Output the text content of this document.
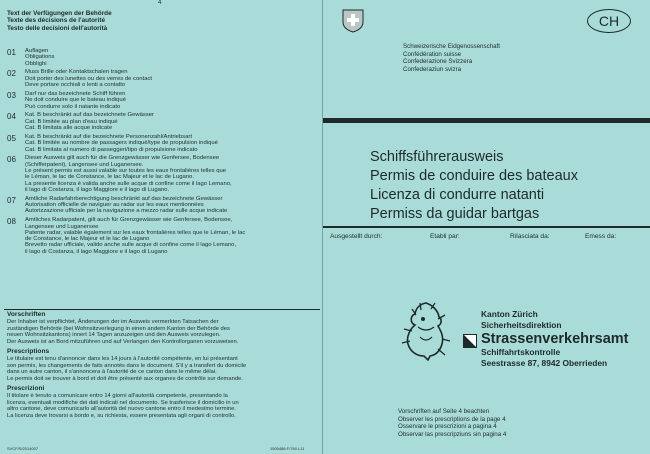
4
Text der Verfügungen der Behörde
Texte des décisions de l'autorité
Testo delle decisioni dell'autorità
01 Auflagen
Obligations
Obblighi
02 Muss Brille oder Kontaktschalen tragen
Doit porter des lunettes ou des verres de contact
Deve portare occhiali o lenti a contatto
03 Darf nur das bezeichnete Schiff führen
Ne doit conduire que le bateau indiqué
Può condurre solo il natante indicato
04 Kat. B beschränkt auf das bezeichnete Gewässer
Cat. B limitée au plan d'eau indiqué
Cat. B limitata alle acque indicate
05 Kat. B beschränkt auf die bezeichnete Personenzahl/Antriebsart
Cat. B limitée au nombre de passagers indiqué/type de propulsion indiqué
Cat. B limitata al numero di passeggeri/tipo di propulsione indicato
06 Dieser Ausweis gilt auch für die Grenzgewässer wie Genfersee, Bodensee
(Schifferpatent), Langensee und Luganersee.
Le présent permis est aussi valable sur toutes les eaux frontalières telles que
le Léman, le lac de Constance, le lac Majeur et le lac de Lugano.
La presente licenza è valida anche sulle acque di confine come il lago Lemano,
il lago di Costanza, il lago Maggiore e il lago di Lugano.
07 Amtliche Radarfahrberechtigung beschränkt auf das bezeichnete Gewässer
Autorisation officielle de naviguer au radar sur les eaux mentionnées
Autorizzazione ufficiale per la navigazione a mezzo radar sulle acque indicate
08 Amtliches Radarpatent, gilt auch für Grenzgewässer wie Genfersee, Bodensee,
Langensee und Luganersee
Patente radar, valable également sur les eaux frontalières telles que le Léman, le lac
de Constance, le lac Majeur et le lac de Lugano
Brevetto radar ufficiale, valido anche sulle acque di confine come il lago Lemano,
il lago di Costanza, il lago Maggiore e il lago di Lugano
Vorschriften
Der Inhaber ist verpflichtet, Änderungen der im Ausweis vermerkten Tatsachen der
zuständigen Behörde (bei Wohnsitzverlegung in einen andern Kanton der Behörde des
neuen Wohnsitzkantons) innert 14 Tagen anzuzeigen und den Ausweis vorzulegen.
Der Ausweis ist an Bord mitzuführen und auf Verlangen den Kontrollorganen vorzuweisen.
Prescriptions
Le titulaire est tenu d'annoncer dans les 14 jours à l'autorité compétente, en lui présentant
son permis, les changements de faits annotés dans le document. S'il y a transfert du domicile
dans un autre canton, il s'annoncera à l'autorité de ce canton dans le même délai.
Le permis doit se trouver à bord et doit être présenté aux organes de contrôle sur demande.
Prescrizioni
Il titolare è tenuto a comunicare entro 14 giorni all'autorità competente, presentando la
licenza, eventuali modifiche dei dati indicati nel documento. Se trasferisce il domicilio in un
altro cantone, deve comunicarlo all'autorità del nuovo cantone entro il medesimo termine.
La licenza deve trovarsi a bordo e, su richiesta, essere presentata agli organi di controllo.
SVCF/S/2014007	1505488 F/760 L11
CH
Schweizerische Eidgenossenschaft
Confédération suisse
Confederazione Svizzera
Confederaziun svizra
Schiffsführerausweis
Permis de conduire des bateaux
Licenza di condurre natanti
Permiss da guidar bartgas
Ausgestellt durch:	Etabli par:	Rilasciata da:	Emess da:
Kanton Zürich
Sicherheitsdirektion
Strassenverkehrsamt
Schiffahrtskontrolle
Seestrasse 87, 8942 Oberrieden
Vorschriften auf Seite 4 beachten
Observer les prescriptions de la page 4
Osservare le prescrizioni a pagina 4
Observar las prescripziuns sin pagina 4
